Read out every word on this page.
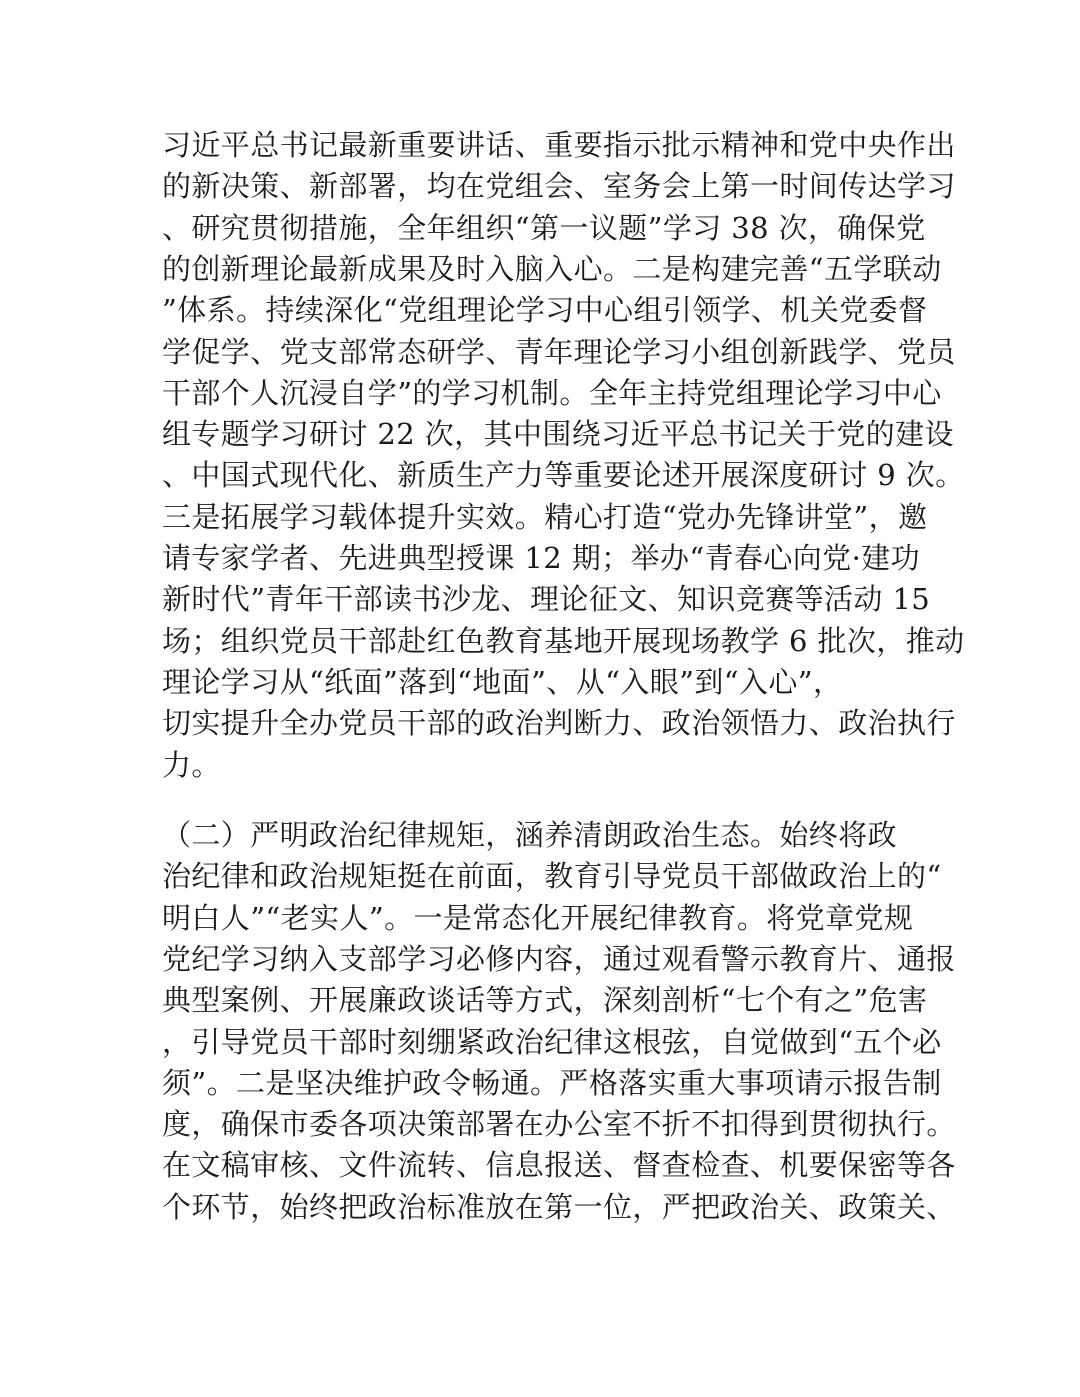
习近平总书记最新重要讲话、重要指示批示精神和党中央作出
的新决策、新部署，均在党组会、室务会上第一时间传达学习
、研究贯彻措施，全年组织“第一议题”学习 38 次，确保党
的创新理论最新成果及时入脑入心。二是构建完善“五学联动
”体系。持续深化“党组理论学习中心组引领学、机关党委督
学促学、党支部常态研学、青年理论学习小组创新践学、党员
干部个人沉浸自学”的学习机制。全年主持党组理论学习中心
组专题学习研讨 22 次，其中围绕习近平总书记关于党的建设
、中国式现代化、新质生产力等重要论述开展深度研讨 9 次。
三是拓展学习载体提升实效。精心打造“党办先锋讲堂”，邀
请专家学者、先进典型授课 12 期；举办“青春心向党·建功
新时代”青年干部读书沙龙、理论征文、知识竞赛等活动 15
场；组织党员干部赴红色教育基地开展现场教学 6 批次，推动
理论学习从“纸面”落到“地面”、从“入眼”到“入心”，
切实提升全办党员干部的政治判断力、政治领悟力、政治执行
力。
（二）严明政治纪律规矩，涵养清朗政治生态。始终将政
治纪律和政治规矩挺在前面，教育引导党员干部做政治上的“
明白人”“老实人”。一是常态化开展纪律教育。将党章党规
党纪学习纳入支部学习必修内容，通过观看警示教育片、通报
典型案例、开展廉政谈话等方式，深刻剖析“七个有之”危害
，引导党员干部时刻绷紧政治纪律这根弦，自觉做到“五个必
须”。二是坚决维护政令畅通。严格落实重大事项请示报告制
度，确保市委各项决策部署在办公室不折不扣得到贯彻执行。
在文稿审核、文件流转、信息报送、督查检查、机要保密等各
个环节，始终把政治标准放在第一位，严把政治关、政策关、
